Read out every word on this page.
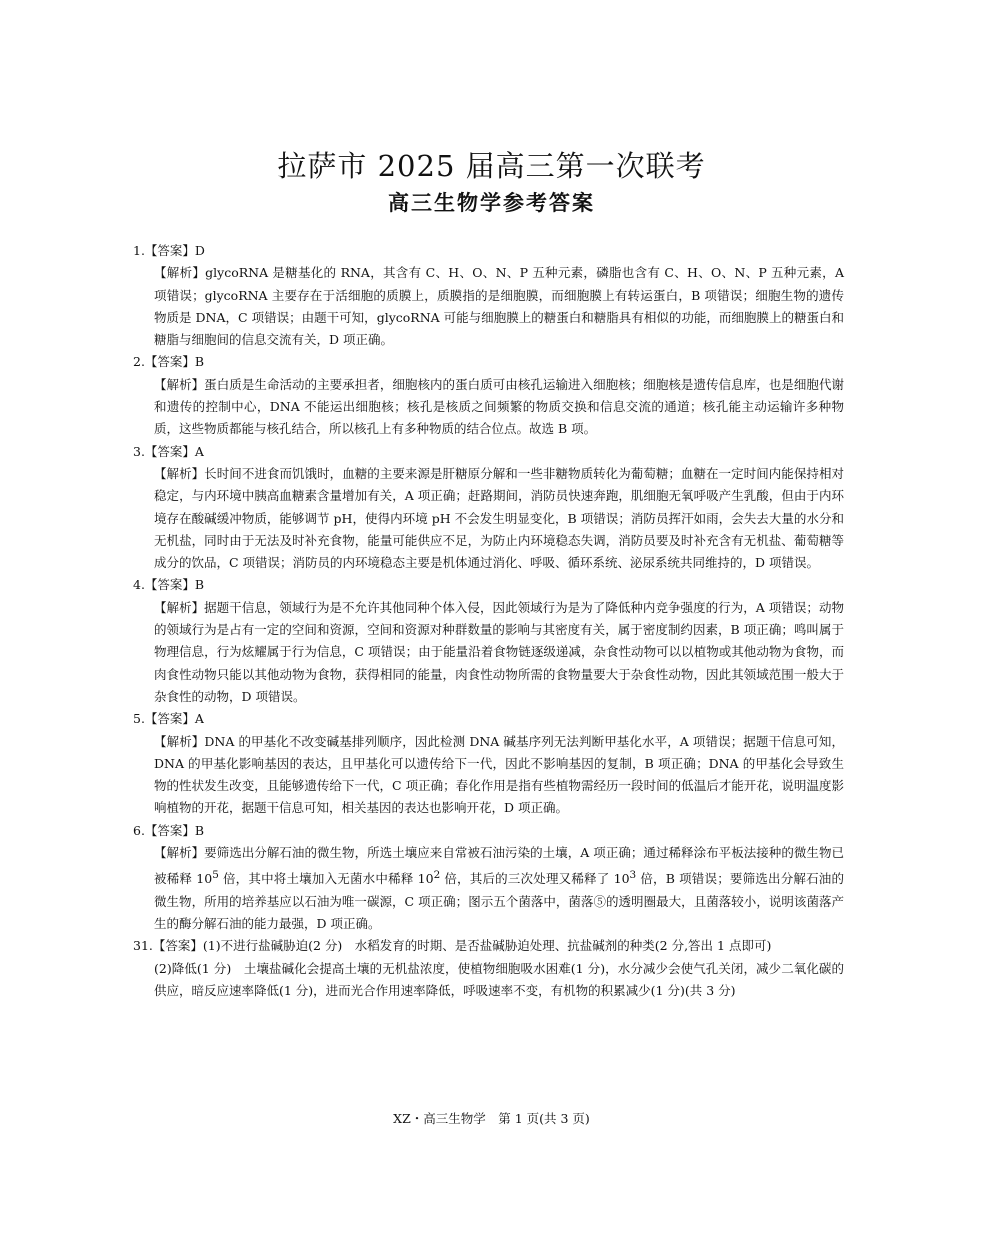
拉萨市 2025 届高三第一次联考
高三生物学参考答案

1.【答案】D

【解析】glycoRNA 是糖基化的 RNA，其含有 C、H、O、N、P 五种元素，磷脂也含有 C、H、O、N、P 五种元素，A 项错误；glycoRNA 主要存在于活细胞的质膜上，质膜指的是细胞膜，而细胞膜上有转运蛋白，B 项错误；细胞生物的遗传物质是 DNA，C 项错误；由题干可知，glycoRNA 可能与细胞膜上的糖蛋白和糖脂具有相似的功能，而细胞膜上的糖蛋白和糖脂与细胞间的信息交流有关，D 项正确。

2.【答案】B

【解析】蛋白质是生命活动的主要承担者，细胞核内的蛋白质可由核孔运输进入细胞核；细胞核是遗传信息库，也是细胞代谢和遗传的控制中心，DNA 不能运出细胞核；核孔是核质之间频繁的物质交换和信息交流的通道；核孔能主动运输许多种物质，这些物质都能与核孔结合，所以核孔上有多种物质的结合位点。故选 B 项。

3.【答案】A

【解析】长时间不进食而饥饿时，血糖的主要来源是肝糖原分解和一些非糖物质转化为葡萄糖；血糖在一定时间内能保持相对稳定，与内环境中胰高血糖素含量增加有关，A 项正确；赶路期间，消防员快速奔跑，肌细胞无氧呼吸产生乳酸，但由于内环境存在酸碱缓冲物质，能够调节 pH，使得内环境 pH 不会发生明显变化，B 项错误；消防员挥汗如雨，会失去大量的水分和无机盐，同时由于无法及时补充食物，能量可能供应不足，为防止内环境稳态失调，消防员要及时补充含有无机盐、葡萄糖等成分的饮品，C 项错误；消防员的内环境稳态主要是机体通过消化、呼吸、循环系统、泌尿系统共同维持的，D 项错误。

4.【答案】B

【解析】据题干信息，领域行为是不允许其他同种个体入侵，因此领域行为是为了降低种内竞争强度的行为，A 项错误；动物的领域行为是占有一定的空间和资源，空间和资源对种群数量的影响与其密度有关，属于密度制约因素，B 项正确；鸣叫属于物理信息，行为炫耀属于行为信息，C 项错误；由于能量沿着食物链逐级递减，杂食性动物可以以植物或其他动物为食物，而肉食性动物只能以其他动物为食物，获得相同的能量，肉食性动物所需的食物量要大于杂食性动物，因此其领域范围一般大于杂食性的动物，D 项错误。

5.【答案】A

【解析】DNA 的甲基化不改变碱基排列顺序，因此检测 DNA 碱基序列无法判断甲基化水平，A 项错误；据题干信息可知，DNA 的甲基化影响基因的表达，且甲基化可以遗传给下一代，因此不影响基因的复制，B 项正确；DNA 的甲基化会导致生物的性状发生改变，且能够遗传给下一代，C 项正确；春化作用是指有些植物需经历一段时间的低温后才能开花，说明温度影响植物的开花，据题干信息可知，相关基因的表达也影响开花，D 项正确。

6.【答案】B

【解析】要筛选出分解石油的微生物，所选土壤应来自常被石油污染的土壤，A 项正确；通过稀释涂布平板法接种的微生物已被稀释 $10^5$ 倍，其中将土壤加入无菌水中稀释 $10^2$ 倍，其后的三次处理又稀释了 $10^3$ 倍，B 项错误；要筛选出分解石油的微生物，所用的培养基应以石油为唯一碳源，C 项正确；图示五个菌落中，菌落⑤的透明圈最大，且菌落较小，说明该菌落产生的酶分解石油的能力最强，D 项正确。

31.【答案】(1)不进行盐碱胁迫(2 分)　水稻发育的时期、是否盐碱胁迫处理、抗盐碱剂的种类(2 分,答出 1 点即可)

(2)降低(1 分)　土壤盐碱化会提高土壤的无机盐浓度，使植物细胞吸水困难(1 分)，水分减少会使气孔关闭，减少二氧化碳的供应，暗反应速率降低(1 分)，进而光合作用速率降低，呼吸速率不变，有机物的积累减少(1 分)(共 3 分)

XZ・高三生物学　第 1 页(共 3 页)
